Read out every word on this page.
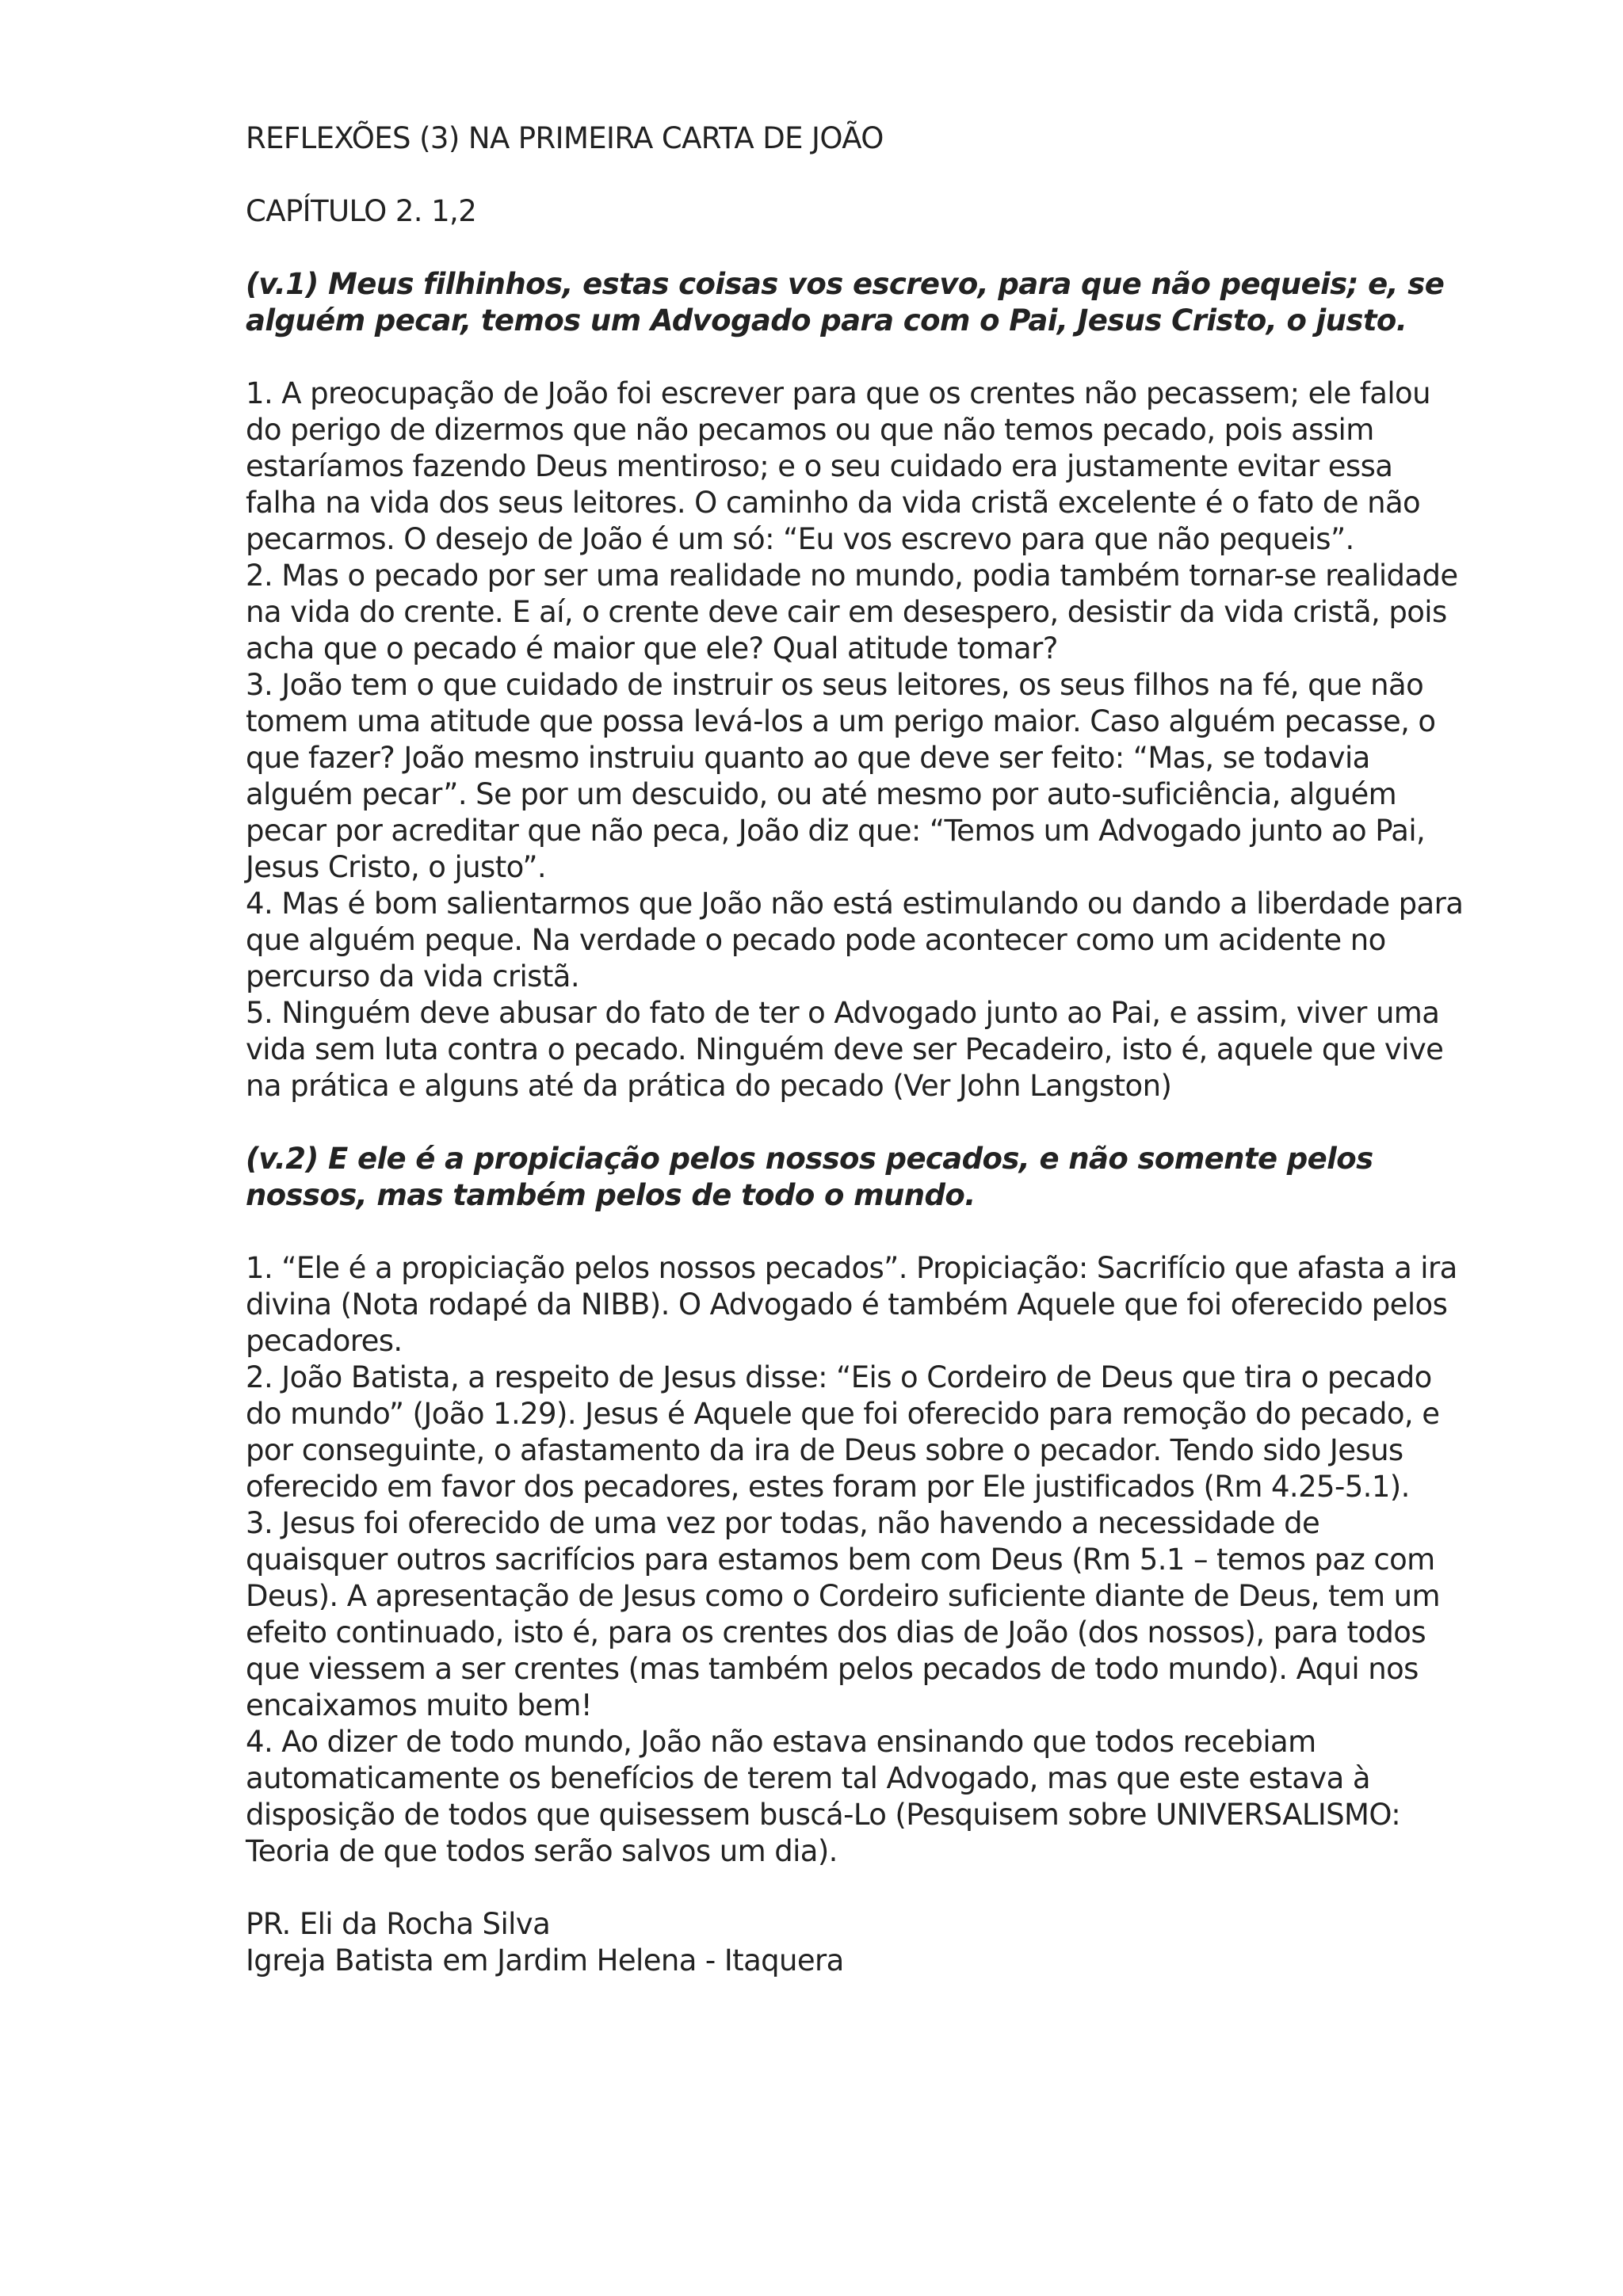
REFLEXÕES (3) NA PRIMEIRA CARTA DE JOÃO

CAPÍTULO 2. 1,2

(v.1) Meus filhinhos, estas coisas vos escrevo, para que não pequeis; e, se alguém pecar, temos um Advogado para com o Pai, Jesus Cristo, o justo.

1. A preocupação de João foi escrever para que os crentes não pecassem; ele falou do perigo de dizermos que não pecamos ou que não temos pecado, pois assim estaríamos fazendo Deus mentiroso; e o seu cuidado era justamente evitar essa falha na vida dos seus leitores. O caminho da vida cristã excelente é o fato de não pecarmos. O desejo de João é um só: “Eu vos escrevo para que não pequeis”.

2. Mas o pecado por ser uma realidade no mundo, podia também tornar-se realidade na vida do crente. E aí, o crente deve cair em desespero, desistir da vida cristã, pois acha que o pecado é maior que ele? Qual atitude tomar?

3. João tem o que cuidado de instruir os seus leitores, os seus filhos na fé, que não tomem uma atitude que possa levá-los a um perigo maior. Caso alguém pecasse, o que fazer? João mesmo instruiu quanto ao que deve ser feito: “Mas, se todavia alguém pecar”. Se por um descuido, ou até mesmo por auto-suficiência, alguém pecar por acreditar que não peca, João diz que: “Temos um Advogado junto ao Pai, Jesus Cristo, o justo”.

4. Mas é bom salientarmos que João não está estimulando ou dando a liberdade para que alguém peque. Na verdade o pecado pode acontecer como um acidente no percurso da vida cristã.

5. Ninguém deve abusar do fato de ter o Advogado junto ao Pai, e assim, viver uma vida sem luta contra o pecado. Ninguém deve ser Pecadeiro, isto é, aquele que vive na prática e alguns até da prática do pecado (Ver John Langston)

(v.2) E ele é a propiciação pelos nossos pecados, e não somente pelos nossos, mas também pelos de todo o mundo.

1. “Ele é a propiciação pelos nossos pecados”. Propiciação: Sacrifício que afasta a ira divina (Nota rodapé da NIBB). O Advogado é também Aquele que foi oferecido pelos pecadores.

2. João Batista, a respeito de Jesus disse: “Eis o Cordeiro de Deus que tira o pecado do mundo” (João 1.29). Jesus é Aquele que foi oferecido para remoção do pecado, e por conseguinte, o afastamento da ira de Deus sobre o pecador. Tendo sido Jesus oferecido em favor dos pecadores, estes foram por Ele justificados (Rm 4.25-5.1).

3. Jesus foi oferecido de uma vez por todas, não havendo a necessidade de quaisquer outros sacrifícios para estamos bem com Deus (Rm 5.1 – temos paz com Deus). A apresentação de Jesus como o Cordeiro suficiente diante de Deus, tem um efeito continuado, isto é, para os crentes dos dias de João (dos nossos), para todos que viessem a ser crentes (mas também pelos pecados de todo mundo). Aqui nos encaixamos muito bem!

4. Ao dizer de todo mundo, João não estava ensinando que todos recebiam automaticamente os benefícios de terem tal Advogado, mas que este estava à disposição de todos que quisessem buscá-Lo (Pesquisem sobre UNIVERSALISMO: Teoria de que todos serão salvos um dia).

PR. Eli da Rocha Silva

Igreja Batista em Jardim Helena - Itaquera
